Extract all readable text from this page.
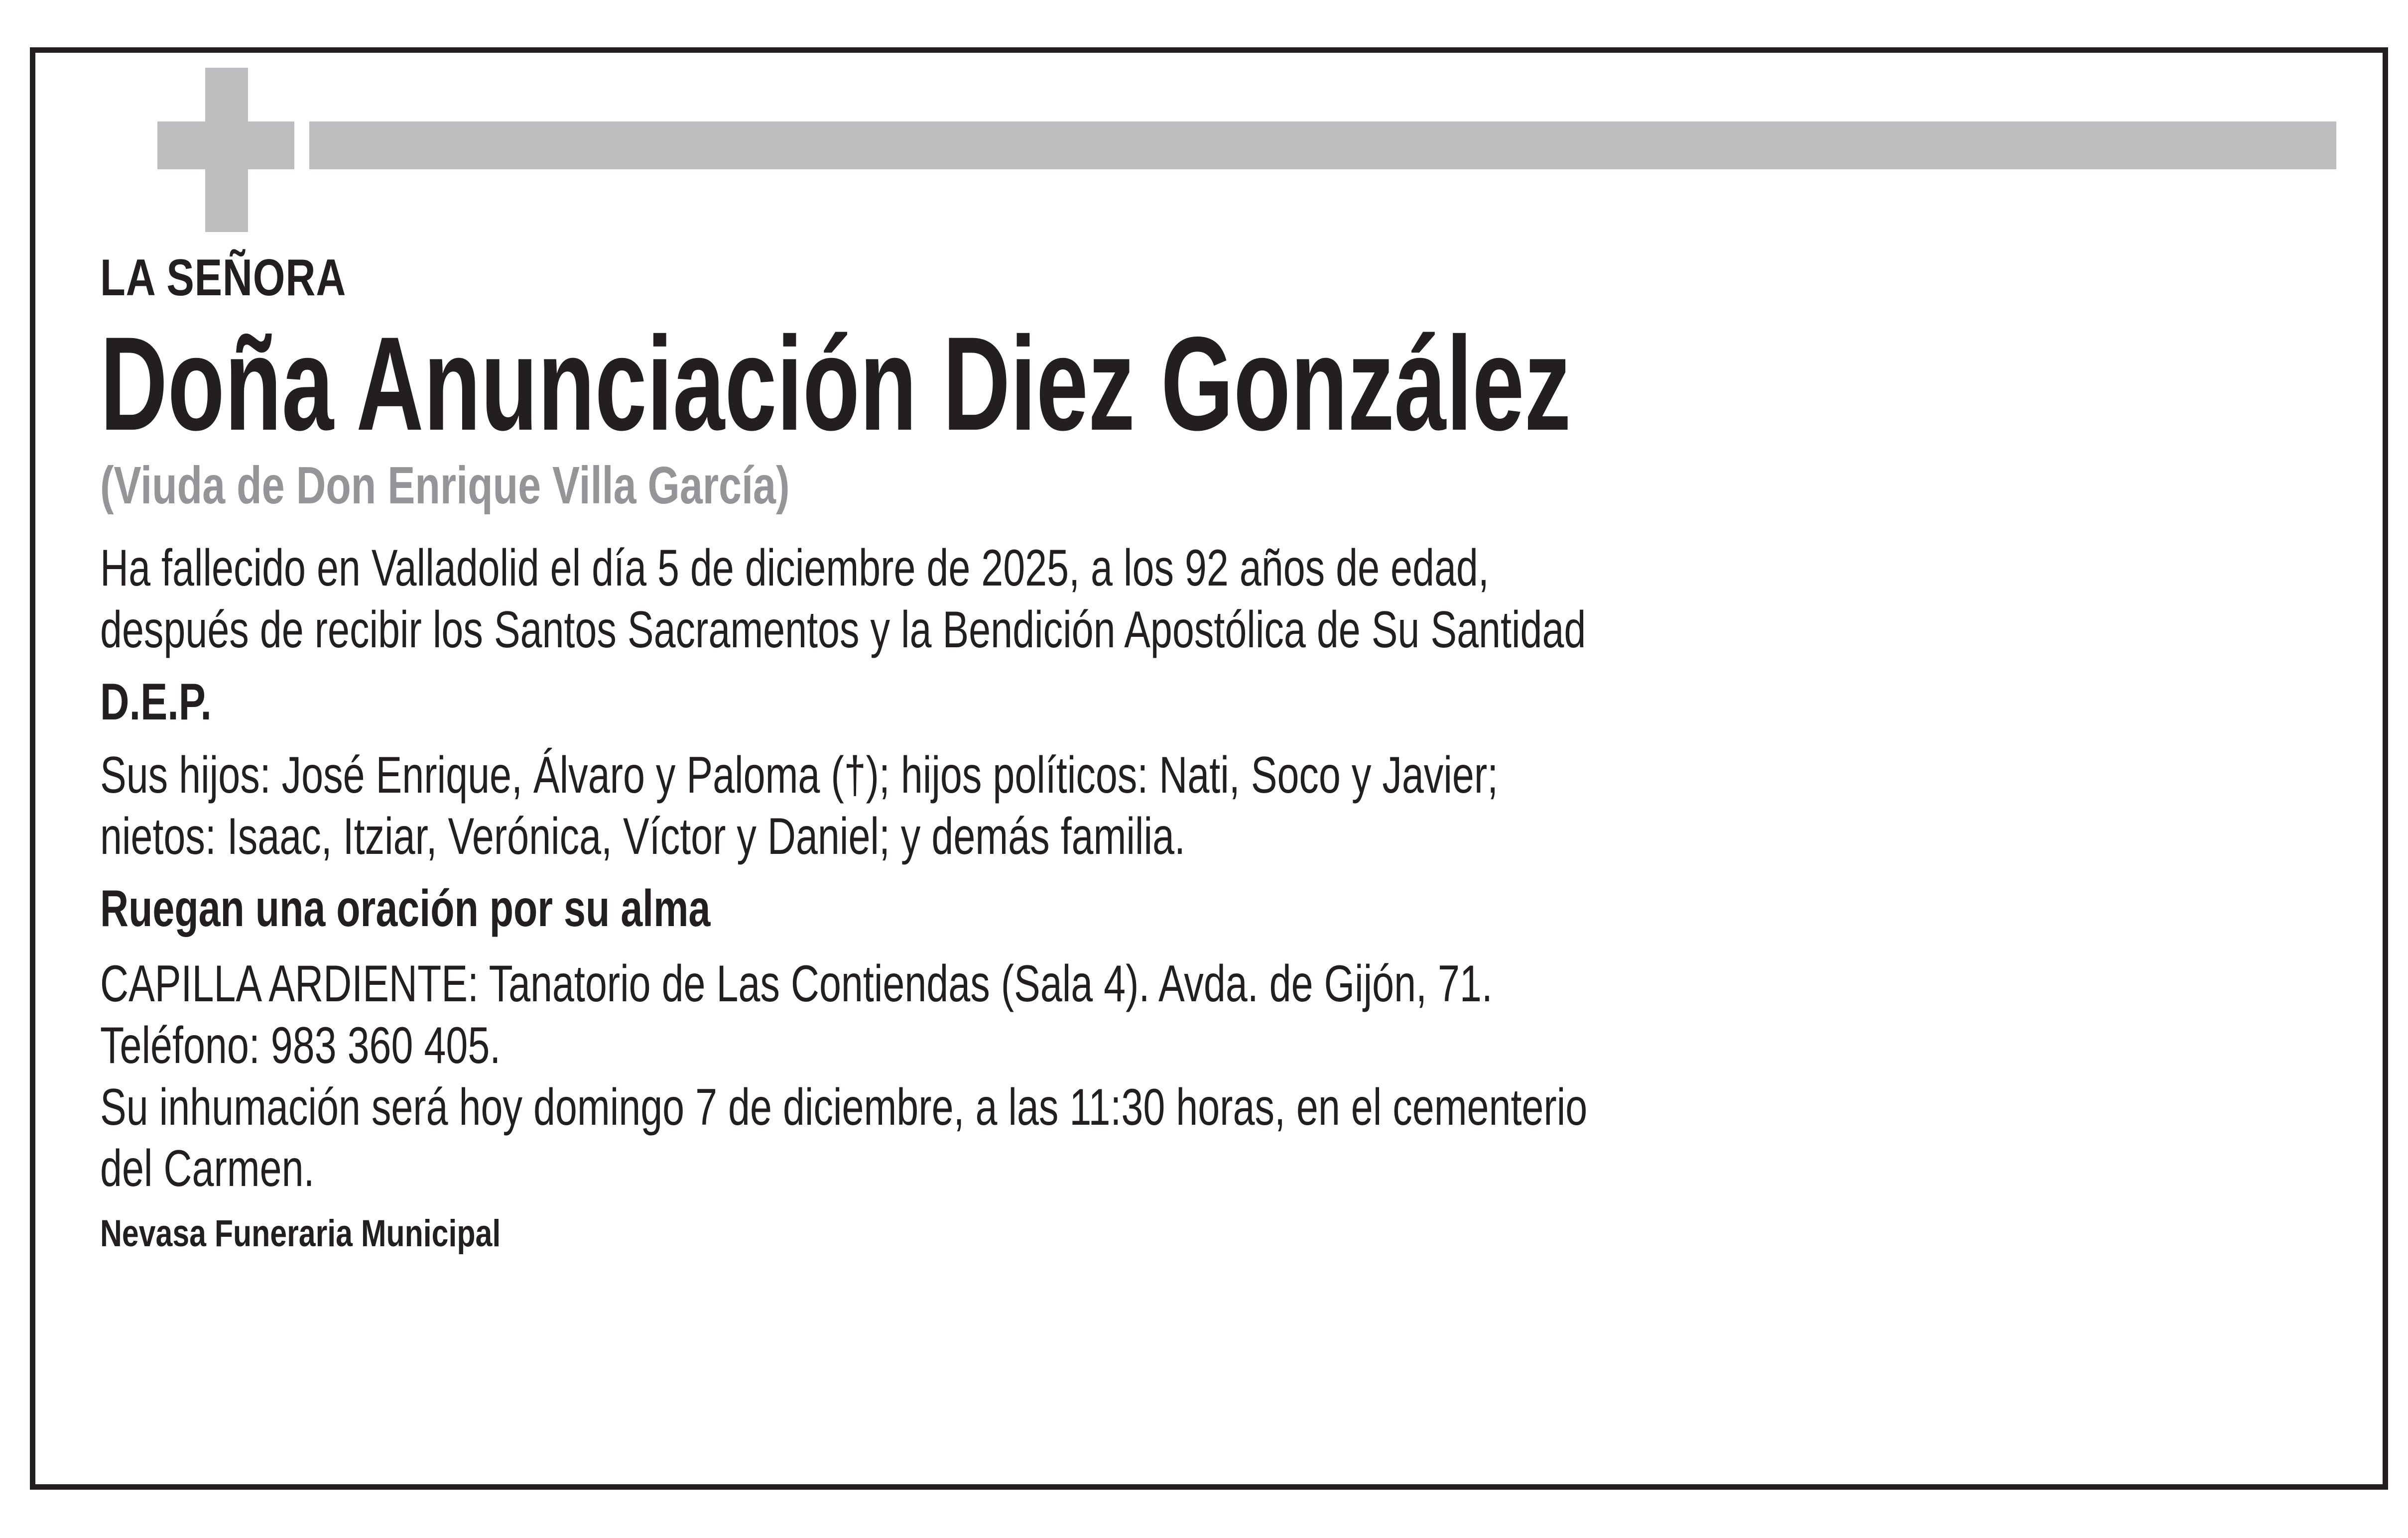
LA SEÑORA
Doña Anunciación Diez González
(Viuda de Don Enrique Villa García)
Ha fallecido en Valladolid el día 5 de diciembre de 2025, a los 92 años de edad,
después de recibir los Santos Sacramentos y la Bendición Apostólica de Su Santidad
D.E.P.
Sus hijos: José Enrique, Álvaro y Paloma (†); hijos políticos: Nati, Soco y Javier;
nietos: Isaac, Itziar, Verónica, Víctor y Daniel; y demás familia.
Ruegan una oración por su alma
CAPILLA ARDIENTE: Tanatorio de Las Contiendas (Sala 4). Avda. de Gijón, 71.
Teléfono: 983 360 405.
Su inhumación será hoy domingo 7 de diciembre, a las 11:30 horas, en el cementerio
del Carmen.
Nevasa Funeraria Municipal
